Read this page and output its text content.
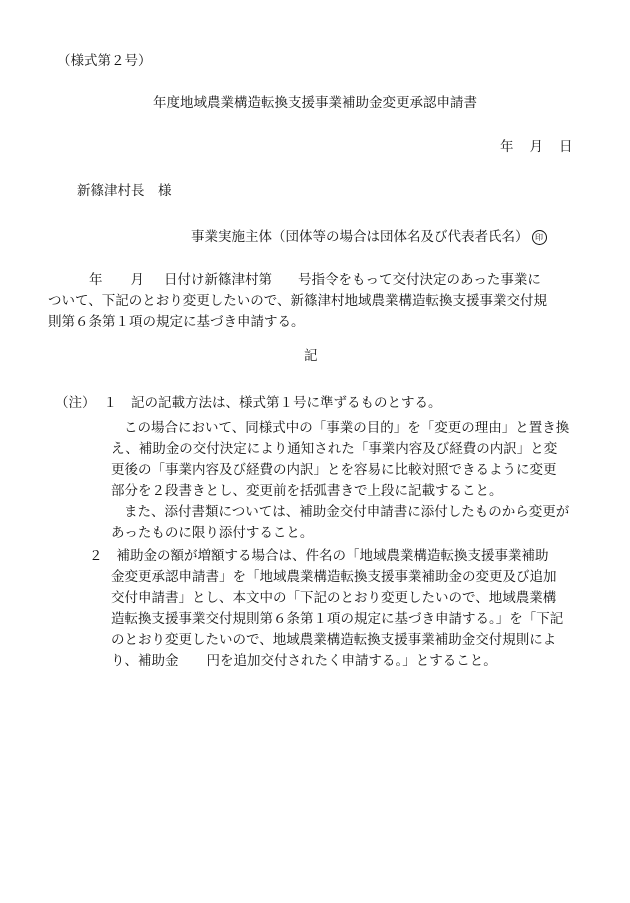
（様式第２号）
年度地域農業構造転換支援事業補助金変更承認申請書
年 月 日
新篠津村長　様
事業実施主体（団体等の場合は団体名及び代表者氏名） 印
年 月 日付け新篠津村第 号指令をもって交付決定のあった事業に
ついて、下記のとおり変更したいので、新篠津村地域農業構造転換支援事業交付規
則第６条第１項の規定に基づき申請する。
記
（注） １ 記の記載方法は、様式第１号に準ずるものとする。
この場合において、同様式中の「事業の目的」を「変更の理由」と置き換
え、補助金の交付決定により通知された「事業内容及び経費の内訳」と変
更後の「事業内容及び経費の内訳」とを容易に比較対照できるように変更
部分を２段書きとし、変更前を括弧書きで上段に記載すること。
また、添付書類については、補助金交付申請書に添付したものから変更が
あったものに限り添付すること。
２ 補助金の額が増額する場合は、件名の「地域農業構造転換支援事業補助
金変更承認申請書」を「地域農業構造転換支援事業補助金の変更及び追加
交付申請書」とし、本文中の「下記のとおり変更したいので、地域農業構
造転換支援事業交付規則第６条第１項の規定に基づき申請する。」を「下記
のとおり変更したいので、地域農業構造転換支援事業補助金交付規則によ
り、補助金 円を追加交付されたく申請する。」とすること。
